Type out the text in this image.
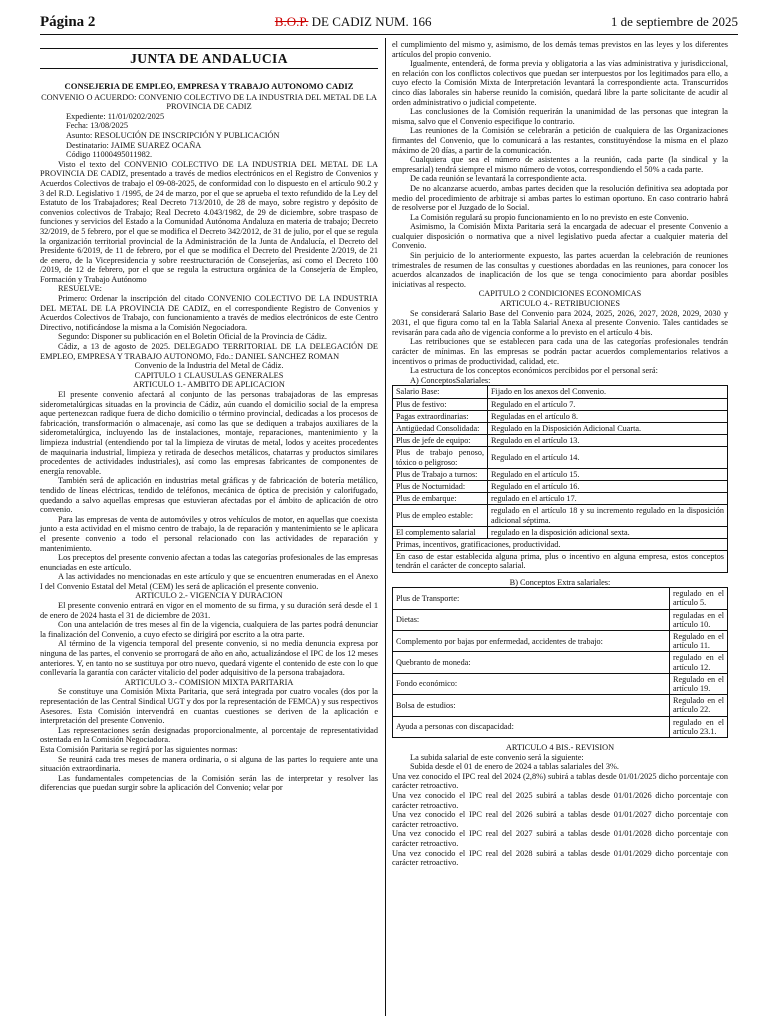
Página 2	B.O.P. DE CADIZ NUM. 166	1 de septiembre de 2025
JUNTA DE ANDALUCIA
CONSEJERIA DE EMPLEO, EMPRESA Y TRABAJO AUTONOMO CADIZ

CONVENIO O ACUERDO: CONVENIO COLECTIVO DE LA INDUSTRIA DEL METAL DE LA PROVINCIA DE CADIZ

Expediente: 11/01/0202/2025

Fecha: 13/08/2025

Asunto: RESOLUCIÓN DE INSCRIPCIÓN Y PUBLICACIÓN

Destinatario: JAIME SUAREZ OCAÑA

Código 11000495011982.

Visto el texto del CONVENIO COLECTIVO DE LA INDUSTRIA DEL METAL DE LA PROVINCIA DE CADIZ, presentado a través de medios electrónicos en el Registro de Convenios y Acuerdos Colectivos de trabajo el 09-08-2025, de conformidad con lo dispuesto en el artículo 90.2 y 3 del R.D. Legislativo 1 /1995, de 24 de marzo, por el que se aprueba el texto refundido de la Ley del Estatuto de los Trabajadores; Real Decreto 713/2010, de 28 de mayo, sobre registro y depósito de convenios colectivos de Trabajo; Real Decreto 4.043/1982, de 29 de diciembre, sobre traspaso de funciones y servicios del Estado a la Comunidad Autónoma Andaluza en materia de trabajo; Decreto 32/2019, de 5 febrero, por el que se modifica el Decreto 342/2012, de 31 de julio, por el que se regula la organización territorial provincial de la Administración de la Junta de Andalucía, el Decreto del Presidente 6/2019, de 11 de febrero, por el que se modifica el Decreto del Presidente 2/2019, de 21 de enero, de la Vicepresidencia y sobre reestructuración de Consejerías, así como el Decreto 100 /2019, de 12 de febrero, por el que se regula la estructura orgánica de la Consejería de Empleo, Formación y Trabajo Autónomo

RESUELVE:

Primero: Ordenar la inscripción del citado CONVENIO COLECTIVO DE LA INDUSTRIA DEL METAL DE LA PROVINCIA DE CADIZ, en el correspondiente Registro de Convenios y Acuerdos Colectivos de Trabajo, con funcionamiento a través de medios electrónicos de este Centro Directivo, notificándose la misma a la Comisión Negociadora.

Segundo: Disponer su publicación en el Boletín Oficial de la Provincia de Cádiz.

Cádiz, a 13 de agosto de 2025. DELEGADO TERRITORIAL DE LA DELEGACIÓN DE EMPLEO, EMPRESA Y TRABAJO AUTONOMO, Fdo.: DANIEL SANCHEZ ROMAN

Convenio de la Industria del Metal de Cádiz.

CAPITULO 1 CLAUSULAS GENERALES

ARTICULO 1.- AMBITO DE APLICACION

El presente convenio afectará al conjunto de las personas trabajadoras de las empresas siderometalúrgicas situadas en la provincia de Cádiz, aún cuando el domicilio social de la empresa aque pertenezcan radique fuera de dicho domicilio o término provincial, dedicadas a los procesos de fabricación, transformación o almacenaje, así como las que se dediquen a trabajos auxiliares de la siderometalúrgica, incluyendo las de instalaciones, montaje, reparaciones, mantenimiento y la limpieza industrial (entendiendo por tal la limpieza de virutas de metal, lodos y aceites procedentes de maquinaria industrial, limpieza y retirada de desechos metálicos, chatarras y productos similares procedentes de actividades industriales), así como las empresas fabricantes de componentes de energía renovable.

También será de aplicación en industrias metal gráficas y de fabricación de botería metálico, tendido de líneas eléctricas, tendido de teléfonos, mecánica de óptica de precisión y calorifugado, quedando a salvo aquellas empresas que estuvieran afectadas por el ámbito de aplicación de otro convenio.

Para las empresas de venta de automóviles y otros vehículos de motor, en aquellas que coexista junto a esta actividad en el mismo centro de trabajo, la de reparación y mantenimiento se le aplicara el presente convenio a todo el personal relacionado con las actividades de reparación y mantenimiento.

Los preceptos del presente convenio afectan a todas las categorías profesionales de las empresas enunciadas en este artículo.

A las actividades no mencionadas en este artículo y que se encuentren enumeradas en el Anexo I del Convenio Estatal del Metal (CEM) les será de aplicación el presente convenio.

ARTICULO 2.- VIGENCIA Y DURACION

El presente convenio entrará en vigor en el momento de su firma, y su duración será desde el 1 de enero de 2024 hasta el 31 de diciembre de 2031.

Con una antelación de tres meses al fin de la vigencia, cualquiera de las partes podrá denunciar la finalización del Convenio, a cuyo efecto se dirigirá por escrito a la otra parte.

Al término de la vigencia temporal del presente convenio, si no media denuncia expresa por ninguna de las partes, el convenio se prorrogará de año en año, actualizándose el IPC de los 12 meses anteriores. Y, en tanto no se sustituya por otro nuevo, quedará vigente el contenido de este con lo que conllevaría la garantía con carácter vitalicio del poder adquisitivo de la persona trabajadora.

ARTICULO 3.- COMISION MIXTA PARITARIA

Se constituye una Comisión Mixta Paritaria, que será integrada por cuatro vocales (dos por la representación de las Central Sindical UGT y dos por la representación de FEMCA) y sus respectivos Asesores. Esta Comisión intervendrá en cuantas cuestiones se deriven de la aplicación e interpretación del presente Convenio.

Las representaciones serán designadas proporcionalmente, al porcentaje de representatividad ostentada en la Comisión Negociadora.

Esta Comisión Paritaria se regirá por las siguientes normas:

Se reunirá cada tres meses de manera ordinaria, o si alguna de las partes lo requiere ante una situación extraordinaria.

Las fundamentales competencias de la Comisión serán las de interpretar y resolver las diferencias que puedan surgir sobre la aplicación del Convenio; velar por

el cumplimiento del mismo y, asimismo, de los demás temas previstos en las leyes y los diferentes artículos del propio convenio.

Igualmente, entenderá, de forma previa y obligatoria a las vías administrativa y jurisdiccional, en relación con los conflictos colectivos que puedan ser interpuestos por los legitimados para ello, a cuyo efecto la Comisión Mixta de Interpretación levantará la correspondiente acta. Transcurridos cinco días laborales sin haberse reunido la comisión, quedará libre la parte solicitante de acudir al orden administrativo o judicial competente.

Las conclusiones de la Comisión requerirán la unanimidad de las personas que integran la misma, salvo que el Convenio especifique lo contrario.

Las reuniones de la Comisión se celebrarán a petición de cualquiera de las Organizaciones firmantes del Convenio, que lo comunicará a las restantes, constituyéndose la misma en el plazo máximo de 20 días, a partir de la comunicación.

Cualquiera que sea el número de asistentes a la reunión, cada parte (la sindical y la empresarial) tendrá siempre el mismo número de votos, correspondiendo el 50% a cada parte.

De cada reunión se levantará la correspondiente acta.

De no alcanzarse acuerdo, ambas partes deciden que la resolución definitiva sea adoptada por medio del procedimiento de arbitraje si ambas partes lo estiman oportuno. En caso contrario habrá de resolverse por el Juzgado de lo Social.

La Comisión regulará su propio funcionamiento en lo no previsto en este Convenio.

Asimismo, la Comisión Mixta Paritaria será la encargada de adecuar el presente Convenio a cualquier disposición o normativa que a nivel legislativo pueda afectar a cualquier materia del Convenio.

Sin perjuicio de lo anteriormente expuesto, las partes acuerdan la celebración de reuniones trimestrales de resumen de las consultas y cuestiones abordadas en las reuniones, para conocer los acuerdos alcanzados de inaplicación de los que se tenga conocimiento para abordar posibles iniciativas al respecto.

CAPITULO 2 CONDICIONES ECONOMICAS

ARTICULO 4.- RETRIBUCIONES

Se considerará Salario Base del Convenio para 2024, 2025, 2026, 2027, 2028, 2029, 2030 y 2031, el que figura como tal en la Tabla Salarial Anexa al presente Convenio. Tales cantidades se revisarán para cada año de vigencia conforme a lo previsto en el artículo 4 bis.

Las retribuciones que se establecen para cada una de las categorías profesionales tendrán carácter de mínimas. En las empresas se podrán pactar acuerdos complementarios relativos a incentivos o primas de productividad, calidad, etc.

La estructura de los conceptos económicos percibidos por el personal será:

A) ConceptosSalariales:

Salario Base:	Fijado en los anexos del Convenio.
Plus de festivo:	Regulado en el artículo 7.
Pagas extraordinarias:	Reguladas en el artículo 8.
Antigüedad Consolidada:	Regulado en la Disposición Adicional Cuarta.
Plus de jefe de equipo:	Regulado en el artículo 13.
Plus de trabajo penoso, tóxico o peligroso:	Regulado en el artículo 14.
Plus de Trabajo a turnos:	Regulado en el artículo 15.
Plus de Nocturnidad:	Regulado en el artículo 16.
Plus de embarque:	regulado en el artículo 17.
Plus de empleo estable:	regulado en el artículo 18 y su incremento regulado en la disposición adicional séptima.
El complemento salarial	regulado en la disposición adicional sexta.
Primas, incentivos, gratificaciones, productividad.	
En caso de estar establecida alguna prima, plus o incentivo en alguna empresa, estos conceptos tendrán el carácter de concepto salarial.	

B) Conceptos Extra salariales:

Plus de Transporte:	regulado en el artículo 5.
Dietas:	reguladas en el artículo 10.
Complemento por bajas por enfermedad, accidentes de trabajo:	Regulado en el artículo 11.
Quebranto de moneda:	regulado en el artículo 12.
Fondo económico:	Regulado en el artículo 19.
Bolsa de estudios:	Regulado en el artículo 22.
Ayuda a personas con discapacidad:	regulado en el artículo 23.1.

ARTICULO 4 BIS.- REVISION

La subida salarial de este convenio será la siguiente:

Subida desde el 01 de enero de 2024 a tablas salariales del 3%.

Una vez conocido el IPC real del 2024 (2,8%) subirá a tablas desde 01/01/2025 dicho porcentaje con carácter retroactivo.

Una vez conocido el IPC real del 2025 subirá a tablas desde 01/01/2026 dicho porcentaje con carácter retroactivo.

Una vez conocido el IPC real del 2026 subirá a tablas desde 01/01/2027 dicho porcentaje con carácter retroactivo.

Una vez conocido el IPC real del 2027 subirá a tablas desde 01/01/2028 dicho porcentaje con carácter retroactivo.

Una vez conocido el IPC real del 2028 subirá a tablas desde 01/01/2029 dicho porcentaje con carácter retroactivo.
